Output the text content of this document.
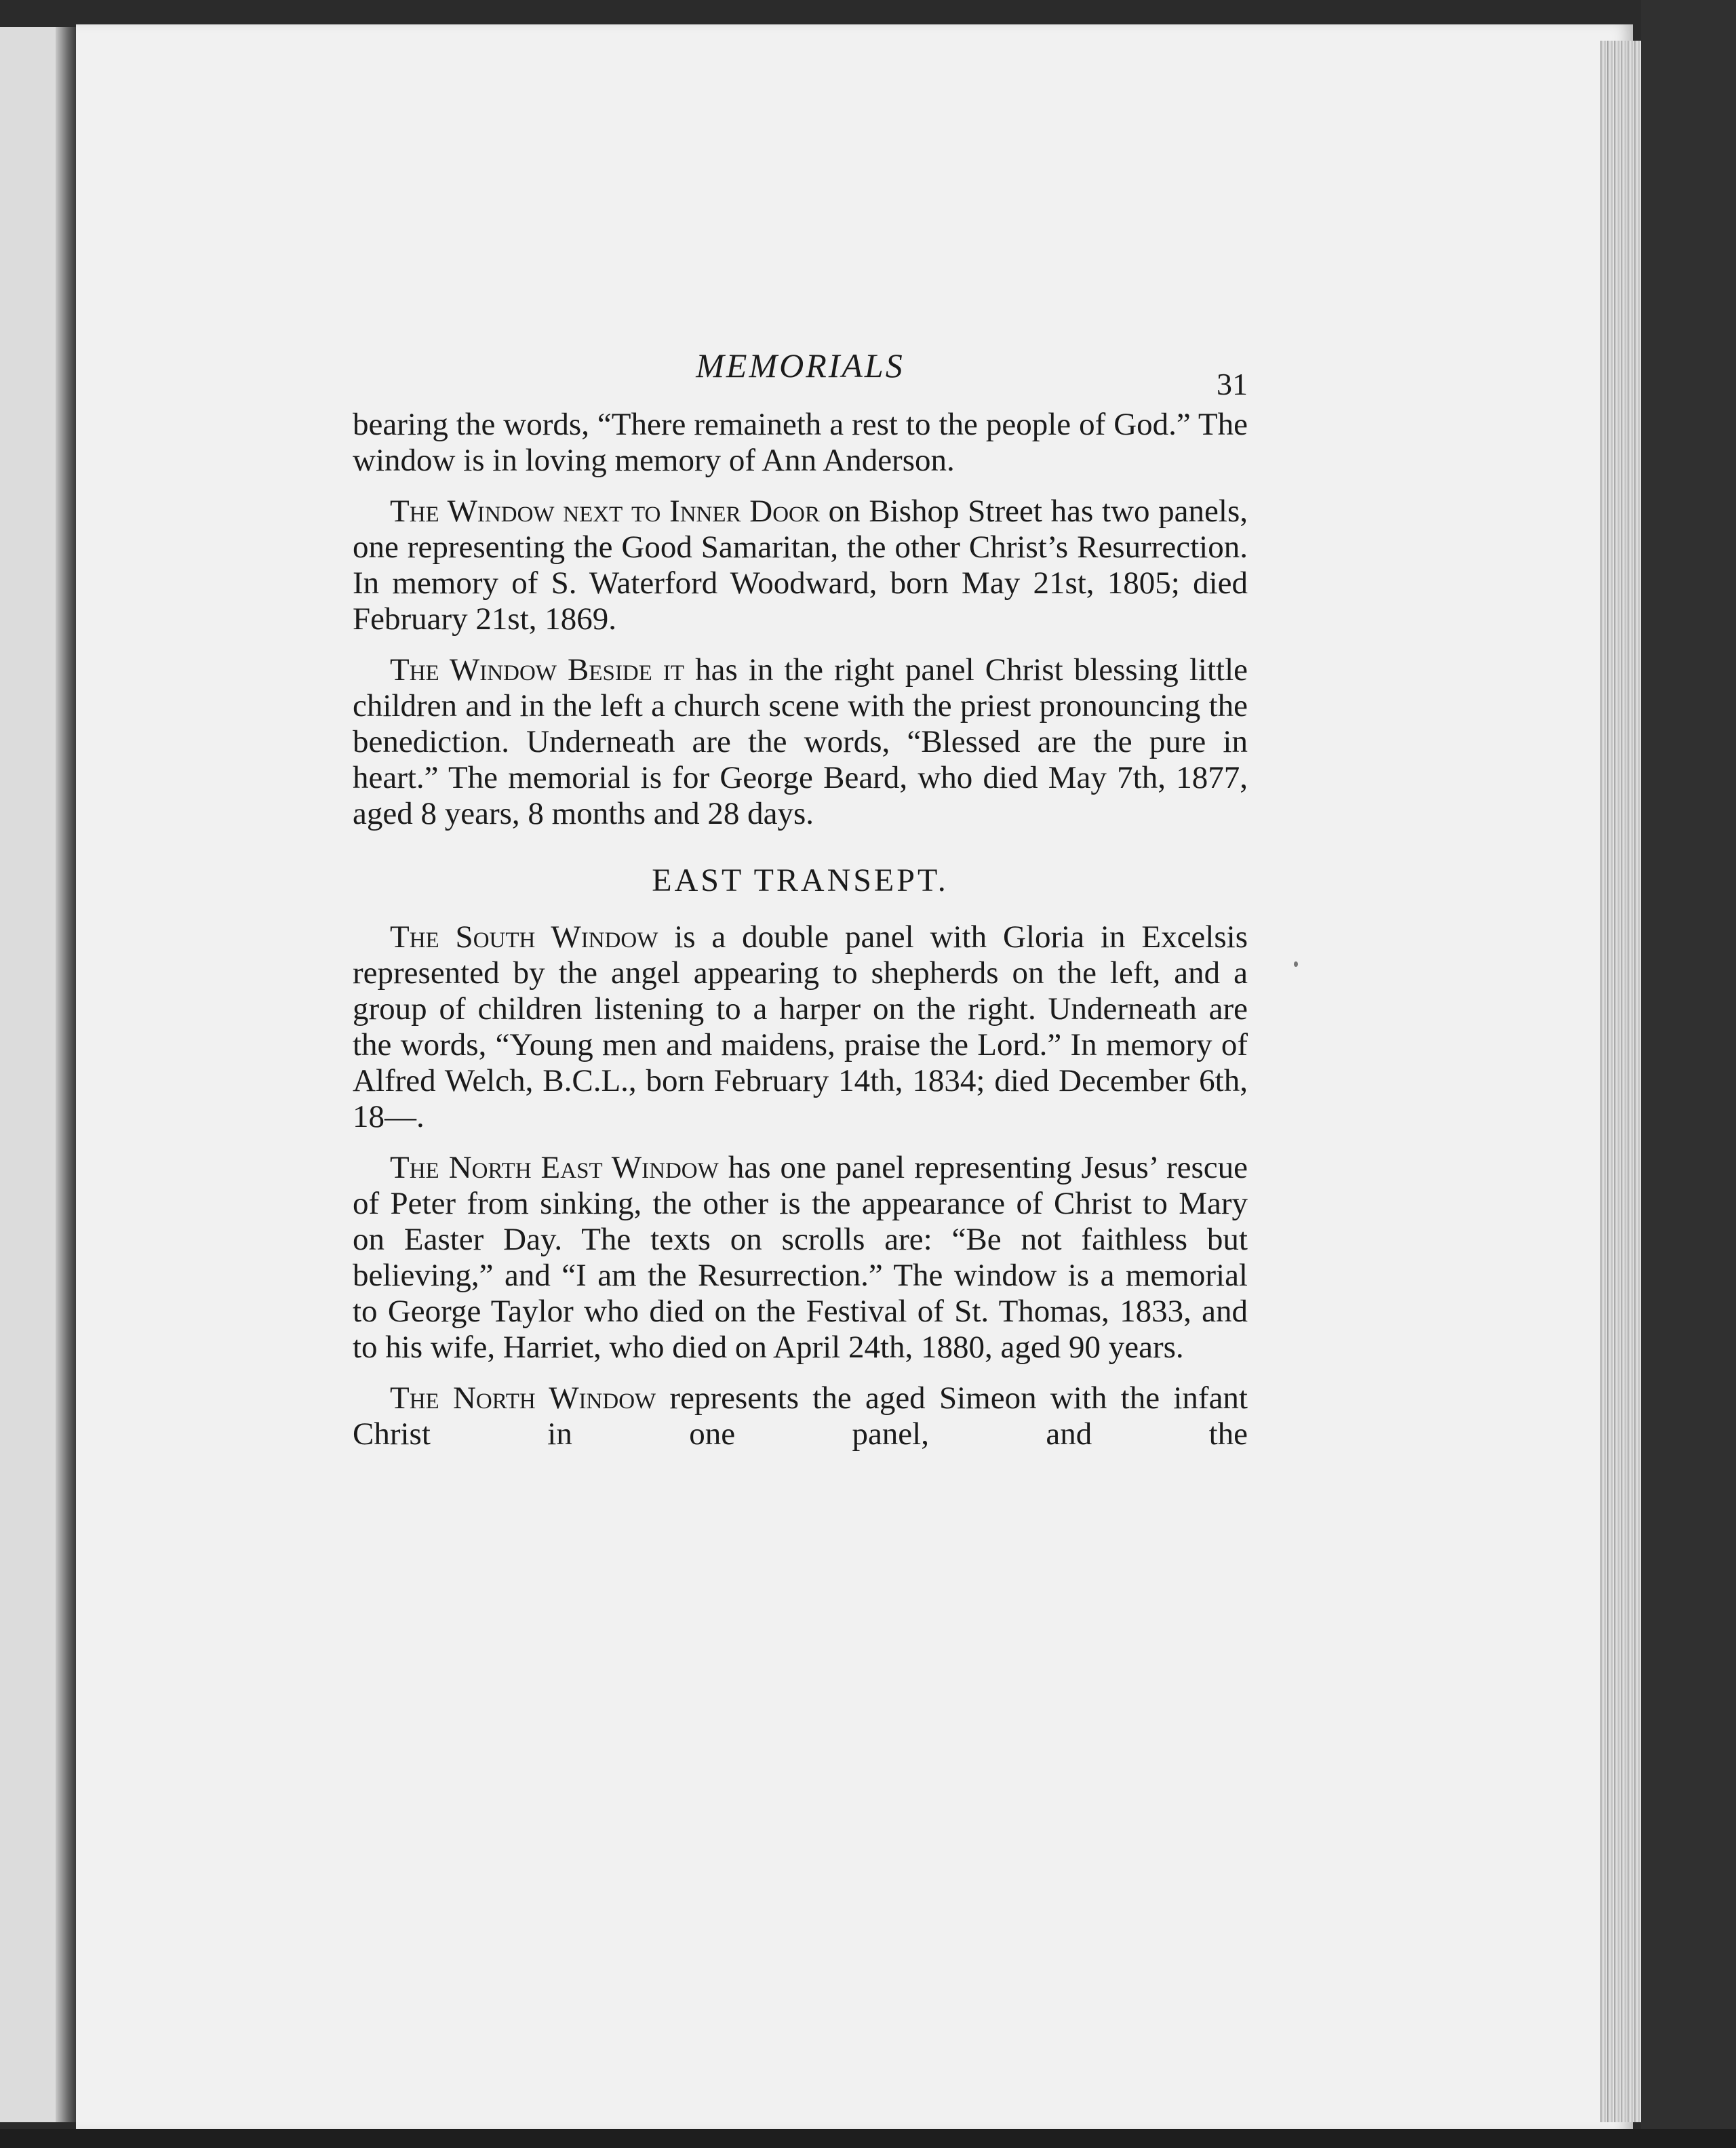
MEMORIALS	31

bearing the words, “There remaineth a rest to the people of God.” The window is in loving memory of Ann Anderson.

The Window next to Inner Door on Bishop Street has two panels, one representing the Good Samaritan, the other Christ’s Resurrection. In memory of S. Waterford Woodward, born May 21st, 1805; died February 21st, 1869.

The Window Beside it has in the right panel Christ blessing little children and in the left a church scene with the priest pronouncing the benediction. Underneath are the words, “Blessed are the pure in heart.” The memorial is for George Beard, who died May 7th, 1877, aged 8 years, 8 months and 28 days.

EAST TRANSEPT.

The South Window is a double panel with Gloria in Excelsis represented by the angel appearing to shepherds on the left, and a group of children listening to a harper on the right. Underneath are the words, “Young men and maidens, praise the Lord.” In memory of Alfred Welch, B.C.L., born February 14th, 1834; died December 6th, 18—.

The North East Window has one panel representing Jesus’ rescue of Peter from sinking, the other is the appearance of Christ to Mary on Easter Day. The texts on scrolls are: “Be not faithless but believing,” and “I am the Resurrection.” The window is a memorial to George Taylor who died on the Festival of St. Thomas, 1833, and to his wife, Harriet, who died on April 24th, 1880, aged 90 years.

The North Window represents the aged Simeon with the infant Christ in one panel, and the
